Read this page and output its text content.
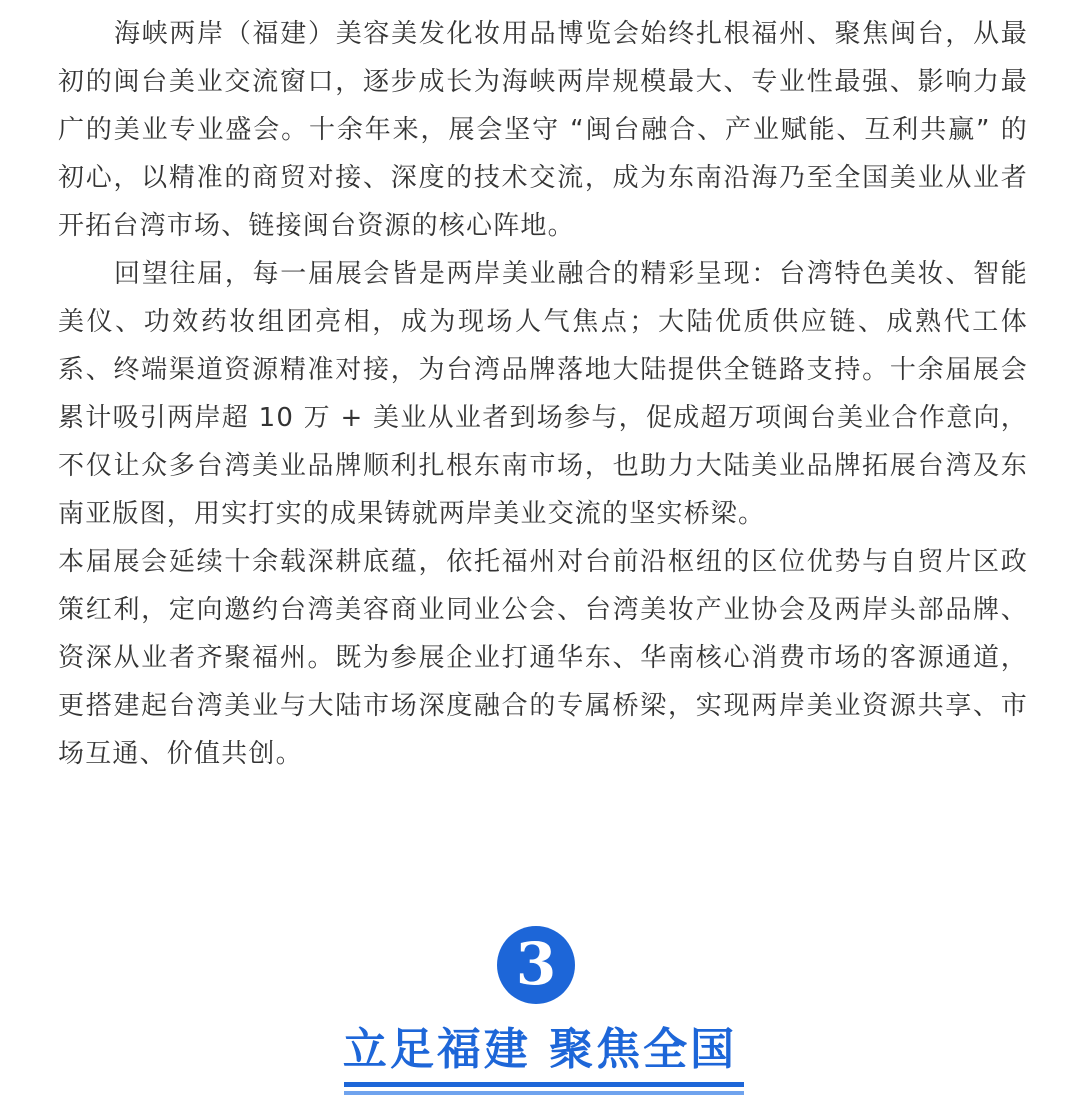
海峡两岸（福建）美容美发化妆用品博览会始终扎根福州、聚焦闽台，从最初的闽台美业交流窗口，逐步成长为海峡两岸规模最大、专业性最强、影响力最广的美业专业盛会。十余年来，展会坚守 “闽台融合、产业赋能、互利共赢” 的初心，以精准的商贸对接、深度的技术交流，成为东南沿海乃至全国美业从业者开拓台湾市场、链接闽台资源的核心阵地。

回望往届，每一届展会皆是两岸美业融合的精彩呈现：台湾特色美妆、智能美仪、功效药妆组团亮相，成为现场人气焦点；大陆优质供应链、成熟代工体系、终端渠道资源精准对接，为台湾品牌落地大陆提供全链路支持。十余届展会累计吸引两岸超 10 万 + 美业从业者到场参与，促成超万项闽台美业合作意向，不仅让众多台湾美业品牌顺利扎根东南市场，也助力大陆美业品牌拓展台湾及东南亚版图，用实打实的成果铸就两岸美业交流的坚实桥梁。

本届展会延续十余载深耕底蕴，依托福州对台前沿枢纽的区位优势与自贸片区政策红利，定向邀约台湾美容商业同业公会、台湾美妆产业协会及两岸头部品牌、资深从业者齐聚福州。既为参展企业打通华东、华南核心消费市场的客源通道，更搭建起台湾美业与大陆市场深度融合的专属桥梁，实现两岸美业资源共享、市场互通、价值共创。

3
立足福建 聚焦全国
